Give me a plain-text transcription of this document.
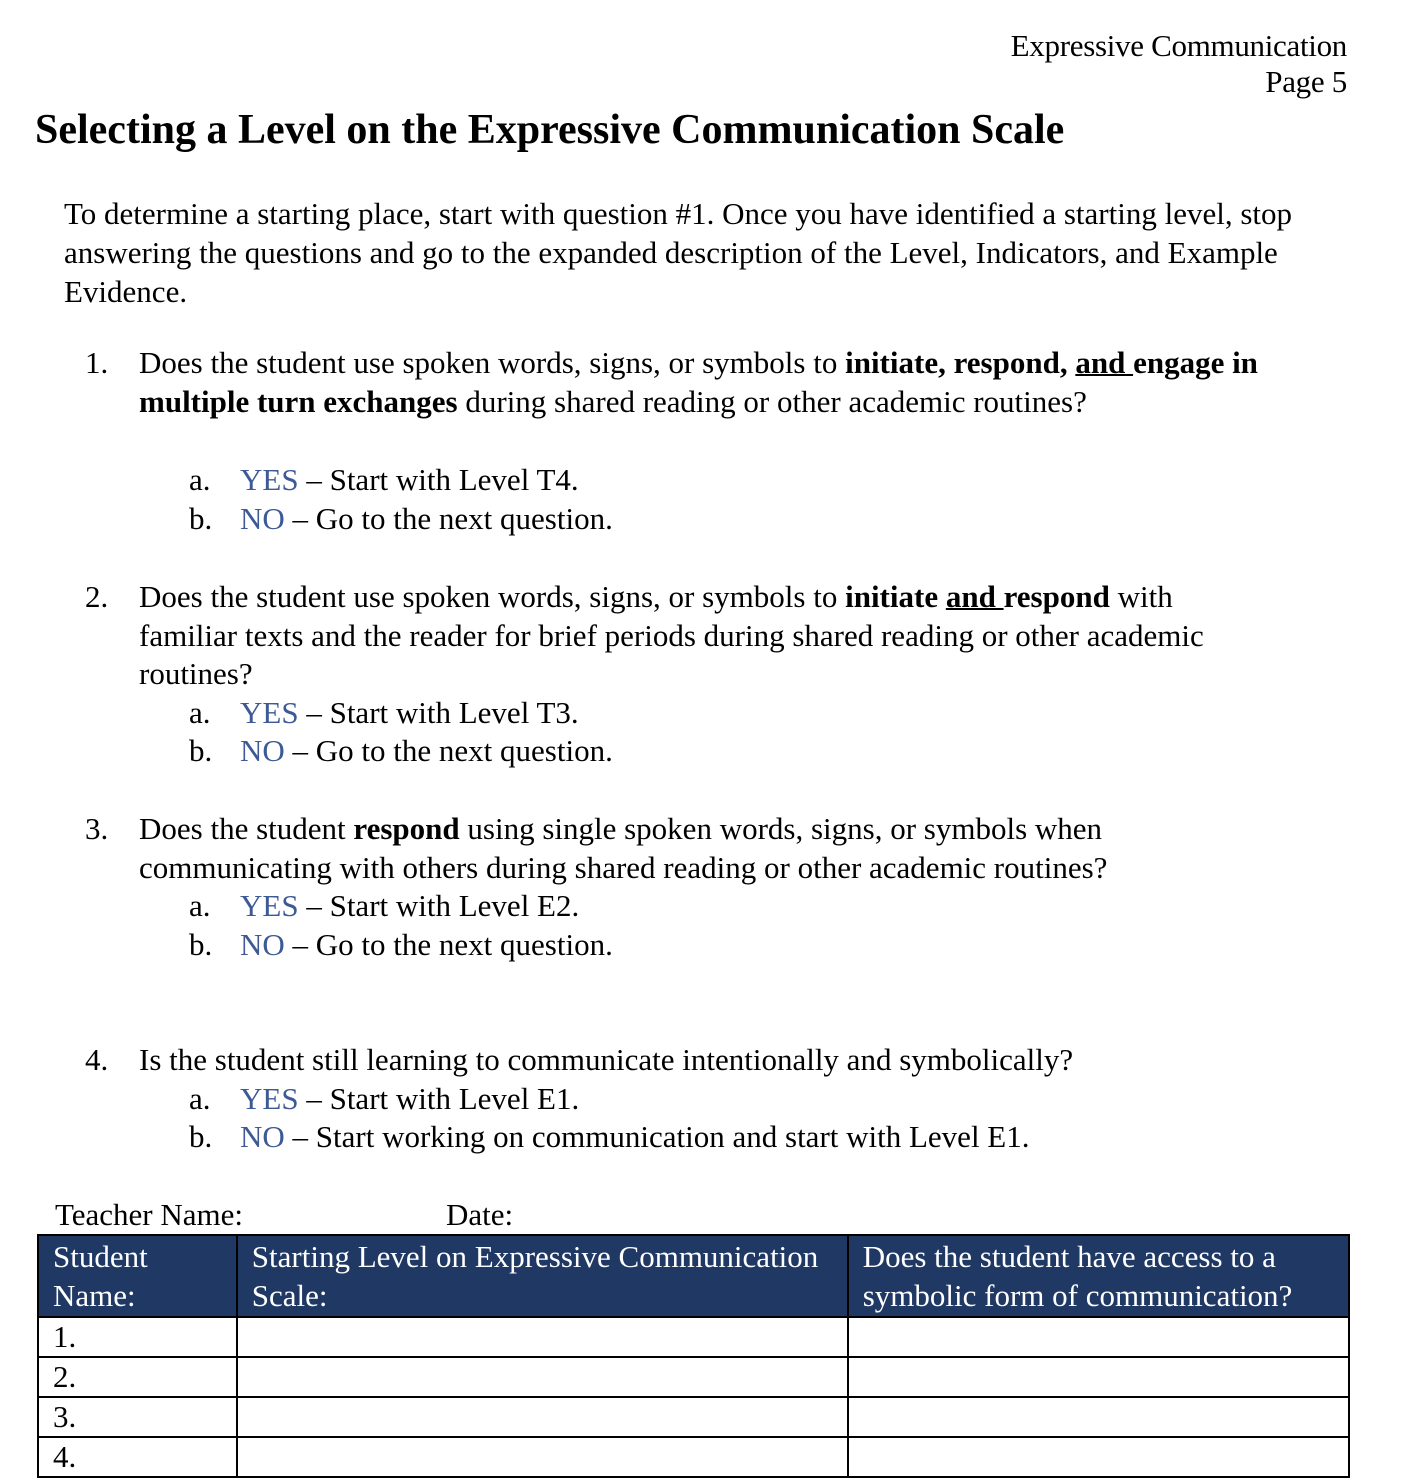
Expressive Communication
Page 5
Selecting a Level on the Expressive Communication Scale

To determine a starting place, start with question #1. Once you have identified a starting level, stop answering the questions and go to the expanded description of the Level, Indicators, and Example Evidence.

1. Does the student use spoken words, signs, or symbols to initiate, respond, and engage in multiple turn exchanges during shared reading or other academic routines?
a. YES – Start with Level T4.
b. NO – Go to the next question.
2. Does the student use spoken words, signs, or symbols to initiate and respond with familiar texts and the reader for brief periods during shared reading or other academic routines?
a. YES – Start with Level T3.
b. NO – Go to the next question.
3. Does the student respond using single spoken words, signs, or symbols when communicating with others during shared reading or other academic routines?
a. YES – Start with Level E2.
b. NO – Go to the next question.
4. Is the student still learning to communicate intentionally and symbolically?
a. YES – Start with Level E1.
b. NO – Start working on communication and start with Level E1.
Teacher Name:	Date:
Student Name:	Starting Level on Expressive Communication Scale:	Does the student have access to a symbolic form of communication?
1.		
2.		
3.		
4.		
